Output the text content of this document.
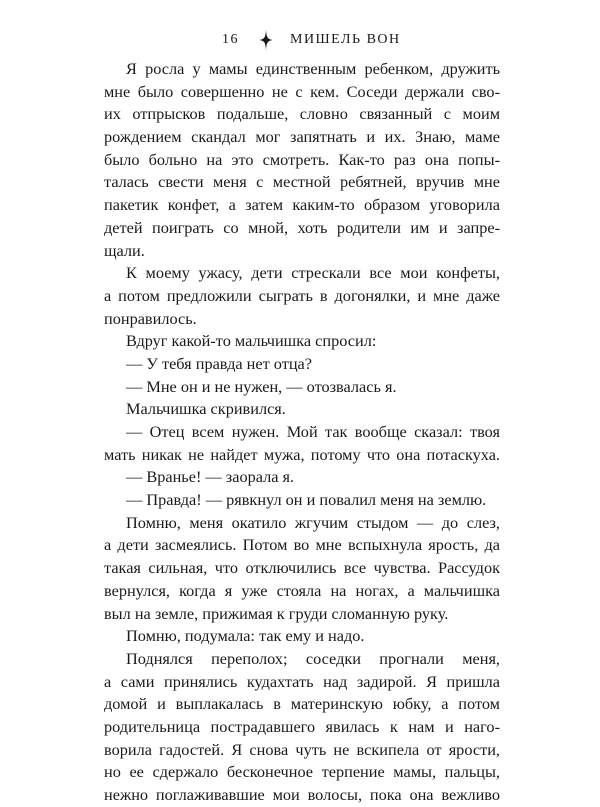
16	МИШЕЛЬ ВОН
Я росла у мамы единственным ребенком, дружить
мне было совершенно не с кем. Соседи держали сво-
их отпрысков подальше, словно связанный с моим
рождением скандал мог запятнать и их. Знаю, маме
было больно на это смотреть. Как-то раз она попы-
талась свести меня с местной ребятней, вручив мне
пакетик конфет, а затем каким-то образом уговорила
детей поиграть со мной, хоть родители им и запре-
щали.
К моему ужасу, дети стрескали все мои конфеты,
а потом предложили сыграть в догонялки, и мне даже
понравилось.
Вдруг какой-то мальчишка спросил:
— У тебя правда нет отца?
— Мне он и не нужен, — отозвалась я.
Мальчишка скривился.
— Отец всем нужен. Мой так вообще сказал: твоя
мать никак не найдет мужа, потому что она потаскуха.
— Вранье! — заорала я.
— Правда! — рявкнул он и повалил меня на землю.
Помню, меня окатило жгучим стыдом — до слез,
а дети засмеялись. Потом во мне вспыхнула ярость, да
такая сильная, что отключились все чувства. Рассудок
вернулся, когда я уже стояла на ногах, а мальчишка
выл на земле, прижимая к груди сломанную руку.
Помню, подумала: так ему и надо.
Поднялся переполох; соседки прогнали меня,
а сами принялись кудахтать над задирой. Я пришла
домой и выплакалась в материнскую юбку, а потом
родительница пострадавшего явилась к нам и наго-
ворила гадостей. Я снова чуть не вскипела от ярости,
но ее сдержало бесконечное терпение мамы, пальцы,
нежно поглаживавшие мои волосы, пока она вежливо
